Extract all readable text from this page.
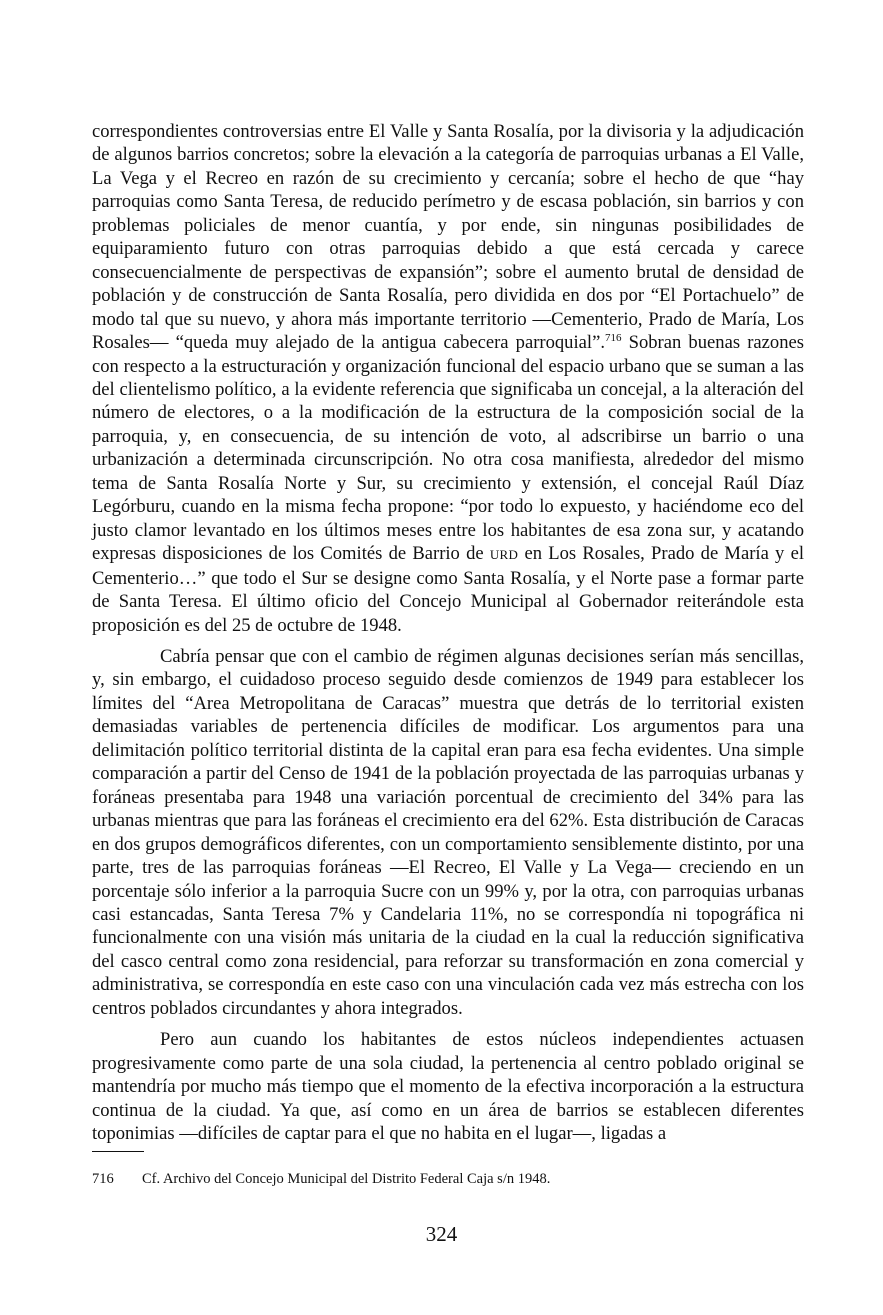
correspondientes controversias entre El Valle y Santa Rosalía, por la divisoria y la adjudicación de algunos barrios concretos; sobre la elevación a la categoría de parroquias urbanas a El Valle, La Vega y el Recreo en razón de su crecimiento y cercanía; sobre el hecho de que “hay parroquias como Santa Teresa, de reducido perímetro y de escasa población, sin barrios y con problemas policiales de menor cuantía, y por ende, sin ningunas posibilidades de equiparamiento futuro con otras parroquias debido a que está cercada y carece consecuencialmente de perspectivas de expansión”; sobre el aumento brutal de densidad de población y de construcción de Santa Rosalía, pero dividida en dos por “El Portachuelo” de modo tal que su nuevo, y ahora más importante territorio —Cementerio, Prado de María, Los Rosales— “queda muy alejado de la antigua cabecera parroquial”.$^{716}$ Sobran buenas razones con respecto a la estructuración y organización funcional del espacio urbano que se suman a las del clientelismo político, a la evidente referencia que significaba un concejal, a la alteración del número de electores, o a la modificación de la estructura de la composición social de la parroquia, y, en consecuencia, de su intención de voto, al adscribirse un barrio o una urbanización a determinada circunscripción. No otra cosa manifiesta, alrededor del mismo tema de Santa Rosalía Norte y Sur, su crecimiento y extensión, el concejal Raúl Díaz Legórburu, cuando en la misma fecha propone: “por todo lo expuesto, y haciéndome eco del justo clamor levantado en los últimos meses entre los habitantes de esa zona sur, y acatando expresas disposiciones de los Comités de Barrio de URD en Los Rosales, Prado de María y el Cementerio…” que todo el Sur se designe como Santa Rosalía, y el Norte pase a formar parte de Santa Teresa. El último oficio del Concejo Municipal al Gobernador reiterándole esta proposición es del 25 de octubre de 1948.

Cabría pensar que con el cambio de régimen algunas decisiones serían más sencillas, y, sin embargo, el cuidadoso proceso seguido desde comienzos de 1949 para establecer los límites del “Area Metropolitana de Caracas” muestra que detrás de lo territorial existen demasiadas variables de pertenencia difíciles de modificar. Los argumentos para una delimitación político territorial distinta de la capital eran para esa fecha evidentes. Una simple comparación a partir del Censo de 1941 de la población proyectada de las parroquias urbanas y foráneas presentaba para 1948 una variación porcentual de crecimiento del 34% para las urbanas mientras que para las foráneas el crecimiento era del 62%. Esta distribución de Caracas en dos grupos demográficos diferentes, con un comportamiento sensiblemente distinto, por una parte, tres de las parroquias foráneas —El Recreo, El Valle y La Vega— creciendo en un porcentaje sólo inferior a la parroquia Sucre con un 99% y, por la otra, con parroquias urbanas casi estancadas, Santa Teresa 7% y Candelaria 11%, no se correspondía ni topográfica ni funcionalmente con una visión más unitaria de la ciudad en la cual la reducción significativa del casco central como zona residencial, para reforzar su transformación en zona comercial y administrativa, se correspondía en este caso con una vinculación cada vez más estrecha con los centros poblados circundantes y ahora integrados.

Pero aun cuando los habitantes de estos núcleos independientes actuasen progresivamente como parte de una sola ciudad, la pertenencia al centro poblado original se mantendría por mucho más tiempo que el momento de la efectiva incorporación a la estructura continua de la ciudad. Ya que, así como en un área de barrios se establecen diferentes toponimias —difíciles de captar para el que no habita en el lugar—, ligadas a

716 Cf. Archivo del Concejo Municipal del Distrito Federal Caja s/n 1948.
324
